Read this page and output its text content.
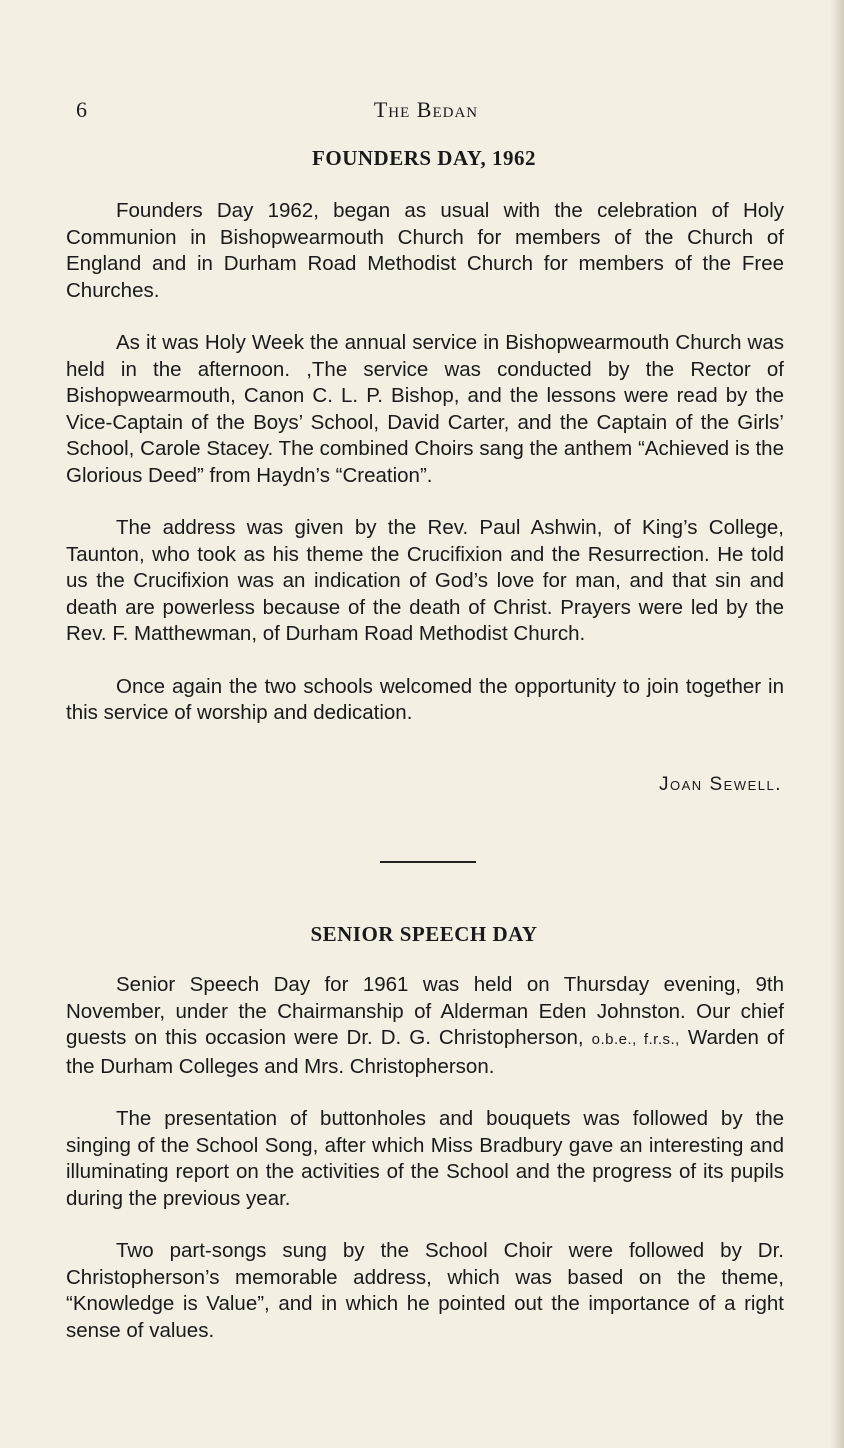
6	The Bedan
FOUNDERS DAY, 1962

Founders Day 1962, began as usual with the celebration of Holy Communion in Bishopwearmouth Church for members of the Church of England and in Durham Road Methodist Church for members of the Free Churches.

As it was Holy Week the annual service in Bishopwearmouth Church was held in the afternoon. ,The service was conducted by the Rector of Bishopwearmouth, Canon C. L. P. Bishop, and the lessons were read by the Vice-Captain of the Boys’ School, David Carter, and the Captain of the Girls’ School, Carole Stacey. The combined Choirs sang the anthem “Achieved is the Glorious Deed” from Haydn’s “Creation”.

The address was given by the Rev. Paul Ashwin, of King’s College, Taunton, who took as his theme the Crucifixion and the Resurrection. He told us the Crucifixion was an indication of God’s love for man, and that sin and death are powerless because of the death of Christ. Prayers were led by the Rev. F. Matthewman, of Durham Road Methodist Church.

Once again the two schools welcomed the opportunity to join together in this service of worship and dedication.

Joan Sewell.
SENIOR SPEECH DAY

Senior Speech Day for 1961 was held on Thursday evening, 9th November, under the Chairmanship of Alderman Eden Johnston. Our chief guests on this occasion were Dr. D. G. Christopherson, o.b.e., f.r.s., Warden of the Durham Colleges and Mrs. Christopherson.

The presentation of buttonholes and bouquets was followed by the singing of the School Song, after which Miss Bradbury gave an interesting and illuminating report on the activities of the School and the progress of its pupils during the previous year.

Two part-songs sung by the School Choir were followed by Dr. Christopherson’s memorable address, which was based on the theme, “Knowledge is Value”, and in which he pointed out the importance of a right sense of values.
